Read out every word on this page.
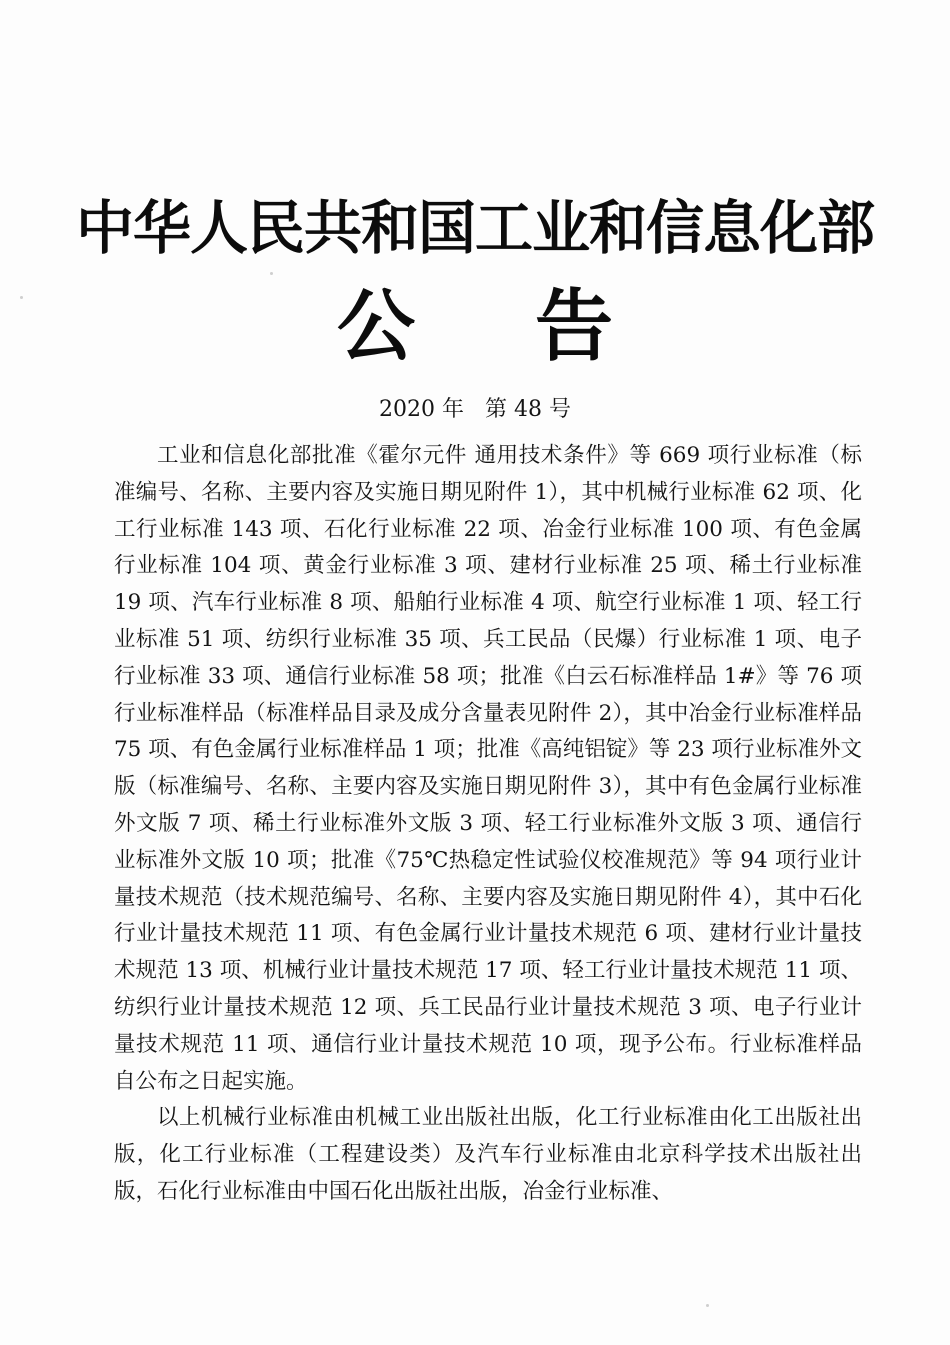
中华人民共和国工业和信息化部
公 告
2020 年   第 48 号

工业和信息化部批准《霍尔元件 通用技术条件》等 669 项行业标准（标准编号、名称、主要内容及实施日期见附件 1），其中机械行业标准 62 项、化工行业标准 143 项、石化行业标准 22 项、冶金行业标准 100 项、有色金属行业标准 104 项、黄金行业标准 3 项、建材行业标准 25 项、稀土行业标准 19 项、汽车行业标准 8 项、船舶行业标准 4 项、航空行业标准 1 项、轻工行业标准 51 项、纺织行业标准 35 项、兵工民品（民爆）行业标准 1 项、电子行业标准 33 项、通信行业标准 58 项；批准《白云石标准样品 1#》等 76 项行业标准样品（标准样品目录及成分含量表见附件 2），其中冶金行业标准样品 75 项、有色金属行业标准样品 1 项；批准《高纯铝锭》等 23 项行业标准外文版（标准编号、名称、主要内容及实施日期见附件 3），其中有色金属行业标准外文版 7 项、稀土行业标准外文版 3 项、轻工行业标准外文版 3 项、通信行业标准外文版 10 项；批准《75℃热稳定性试验仪校准规范》等 94 项行业计量技术规范（技术规范编号、名称、主要内容及实施日期见附件 4），其中石化行业计量技术规范 11 项、有色金属行业计量技术规范 6 项、建材行业计量技术规范 13 项、机械行业计量技术规范 17 项、轻工行业计量技术规范 11 项、纺织行业计量技术规范 12 项、兵工民品行业计量技术规范 3 项、电子行业计量技术规范 11 项、通信行业计量技术规范 10 项，现予公布。行业标准样品自公布之日起实施。

以上机械行业标准由机械工业出版社出版，化工行业标准由化工出版社出版，化工行业标准（工程建设类）及汽车行业标准由北京科学技术出版社出版，石化行业标准由中国石化出版社出版，冶金行业标准、
